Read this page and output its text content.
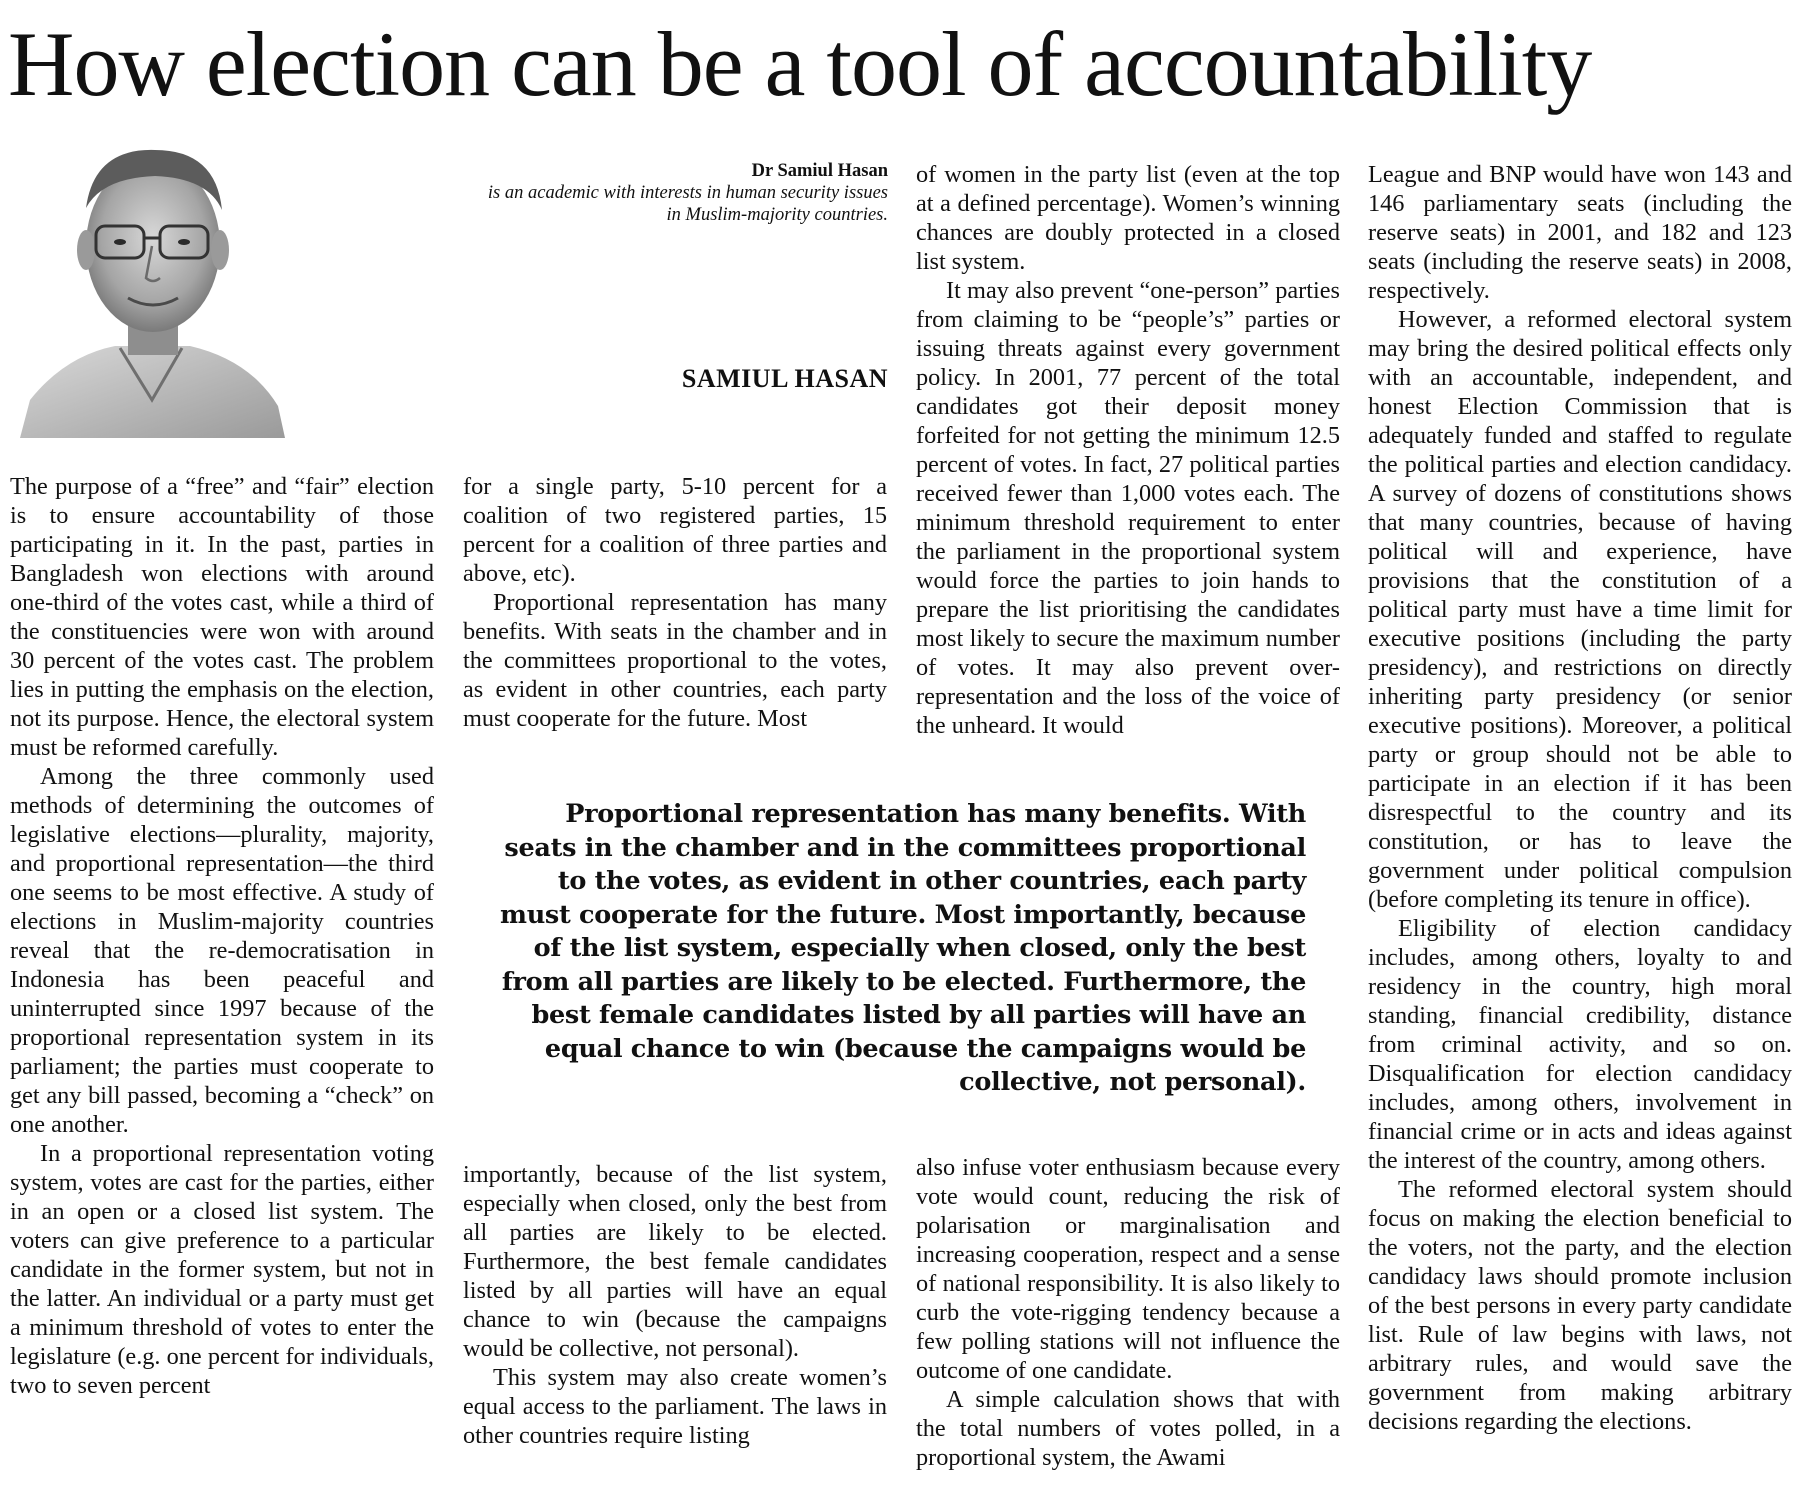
How election can be a tool of accountability
Dr Samiul Hasan
is an academic with interests in human security issues in Muslim-majority countries.
SAMIUL HASAN

The purpose of a “free” and “fair” election is to ensure accountability of those participating in it. In the past, parties in Bangladesh won elections with around one-third of the votes cast, while a third of the constituencies were won with around 30 percent of the votes cast. The problem lies in putting the emphasis on the election, not its purpose. Hence, the electoral system must be reformed carefully.

Among the three commonly used methods of determining the outcomes of legislative elections—plurality, majority, and proportional representation—the third one seems to be most effective. A study of elections in Muslim-majority countries reveal that the re-democratisation in Indonesia has been peaceful and uninterrupted since 1997 because of the proportional representation system in its parliament; the parties must cooperate to get any bill passed, becoming a “check” on one another.

In a proportional representation voting system, votes are cast for the parties, either in an open or a closed list system. The voters can give preference to a particular candidate in the former system, but not in the latter. An individual or a party must get a minimum threshold of votes to enter the legislature (e.g. one percent for individuals, two to seven percent

for a single party, 5-10 percent for a coalition of two registered parties, 15 percent for a coalition of three parties and above, etc).

Proportional representation has many benefits. With seats in the chamber and in the committees proportional to the votes, as evident in other countries, each party must cooperate for the future. Most

of women in the party list (even at the top at a defined percentage). Women’s winning chances are doubly protected in a closed list system.

It may also prevent “one-person” parties from claiming to be “people’s” parties or issuing threats against every government policy. In 2001, 77 percent of the total candidates got their deposit money forfeited for not getting the minimum 12.5 percent of votes. In fact, 27 political parties received fewer than 1,000 votes each. The minimum threshold requirement to enter the parliament in the proportional system would force the parties to join hands to prepare the list prioritising the candidates most likely to secure the maximum number of votes. It may also prevent over-representation and the loss of the voice of the unheard. It would

Proportional representation has many benefits. With seats in the chamber and in the committees proportional to the votes, as evident in other countries, each party must cooperate for the future. Most importantly, because of the list system, especially when closed, only the best from all parties are likely to be elected. Furthermore, the best female candidates listed by all parties will have an equal chance to win (because the campaigns would be collective, not personal).

importantly, because of the list system, especially when closed, only the best from all parties are likely to be elected. Furthermore, the best female candidates listed by all parties will have an equal chance to win (because the campaigns would be collective, not personal).

This system may also create women’s equal access to the parliament. The laws in other countries require listing

also infuse voter enthusiasm because every vote would count, reducing the risk of polarisation or marginalisation and increasing cooperation, respect and a sense of national responsibility. It is also likely to curb the vote-rigging tendency because a few polling stations will not influence the outcome of one candidate.

A simple calculation shows that with the total numbers of votes polled, in a proportional system, the Awami

League and BNP would have won 143 and 146 parliamentary seats (including the reserve seats) in 2001, and 182 and 123 seats (including the reserve seats) in 2008, respectively.

However, a reformed electoral system may bring the desired political effects only with an accountable, independent, and honest Election Commission that is adequately funded and staffed to regulate the political parties and election candidacy. A survey of dozens of constitutions shows that many countries, because of having political will and experience, have provisions that the constitution of a political party must have a time limit for executive positions (including the party presidency), and restrictions on directly inheriting party presidency (or senior executive positions). Moreover, a political party or group should not be able to participate in an election if it has been disrespectful to the country and its constitution, or has to leave the government under political compulsion (before completing its tenure in office).

Eligibility of election candidacy includes, among others, loyalty to and residency in the country, high moral standing, financial credibility, distance from criminal activity, and so on. Disqualification for election candidacy includes, among others, involvement in financial crime or in acts and ideas against the interest of the country, among others.

The reformed electoral system should focus on making the election beneficial to the voters, not the party, and the election candidacy laws should promote inclusion of the best persons in every party candidate list. Rule of law begins with laws, not arbitrary rules, and would save the government from making arbitrary decisions regarding the elections.
